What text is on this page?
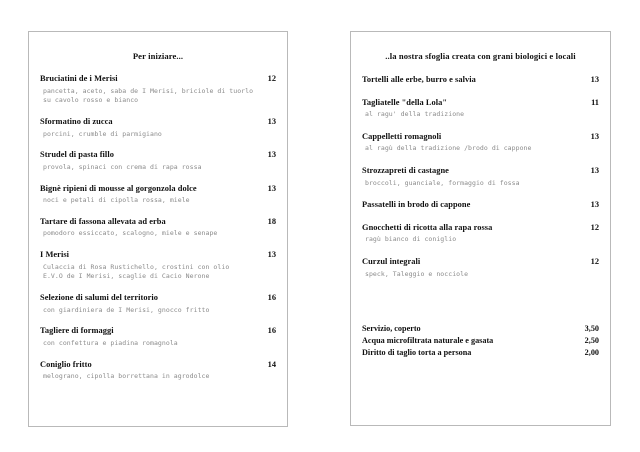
Per iniziare...
Bruciatini de i Merisi	12
pancetta, aceto, saba de I Merisi, briciole di tuorlo
su cavolo rosso e bianco
Sformatino di zucca	13
porcini, crumble di parmigiano
Strudel di pasta fillo	13
provola, spinaci con crema di rapa rossa
Bignè ripieni di mousse al gorgonzola dolce	13
noci e petali di cipolla rossa, miele
Tartare di fassona allevata ad erba	18
pomodoro essiccato, scalogno, miele e senape
I Merisi	13
Culaccia di Rosa Rustichello, crostini con olio
E.V.O de I Merisi, scaglie di Cacio Nerone
Selezione di salumi del territorio	16
con giardiniera de I Merisi, gnocco fritto
Tagliere di formaggi	16
con confettura e piadina romagnola
Coniglio fritto	14
melograno, cipolla borrettana in agrodolce
..la nostra sfoglia creata con grani biologici e locali
Tortelli alle erbe, burro e salvia	13
Tagliatelle "della Lola"	11
al ragu' della tradizione
Cappelletti romagnoli	13
al ragù della tradizione /brodo di cappone
Strozzapreti di castagne	13
broccoli, guanciale, formaggio di fossa
Passatelli in brodo di cappone	13
Gnocchetti di ricotta alla rapa rossa	12
ragù bianco di coniglio
Curzul integrali	12
speck, Taleggio e nocciole
Servizio, coperto	3,50
Acqua microfiltrata naturale e gasata	2,50
Diritto di taglio torta a persona	2,00
